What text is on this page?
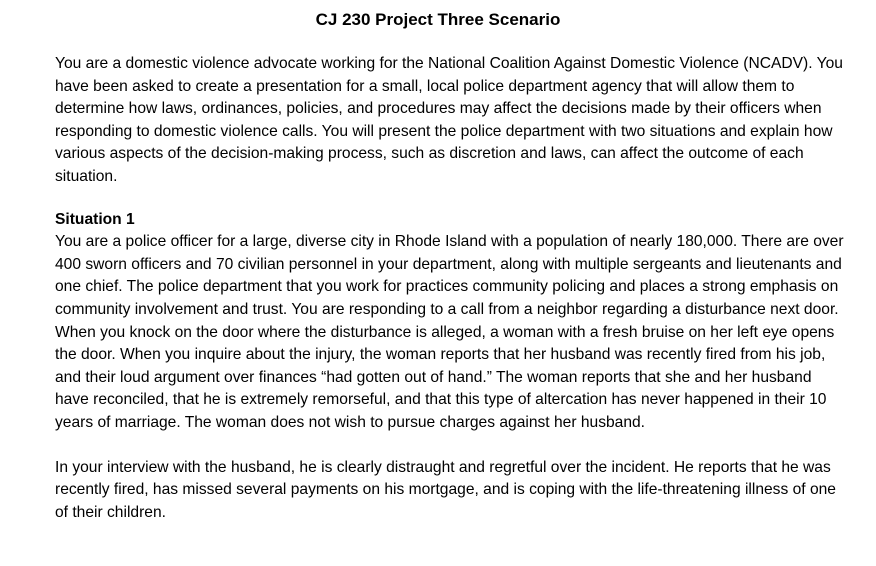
CJ 230 Project Three Scenario

You are a domestic violence advocate working for the National Coalition Against Domestic Violence (NCADV). You have been asked to create a presentation for a small, local police department agency that will allow them to determine how laws, ordinances, policies, and procedures may affect the decisions made by their officers when responding to domestic violence calls. You will present the police department with two situations and explain how various aspects of the decision-making process, such as discretion and laws, can affect the outcome of each situation.

Situation 1

You are a police officer for a large, diverse city in Rhode Island with a population of nearly 180,000. There are over 400 sworn officers and 70 civilian personnel in your department, along with multiple sergeants and lieutenants and one chief. The police department that you work for practices community policing and places a strong emphasis on community involvement and trust. You are responding to a call from a neighbor regarding a disturbance next door. When you knock on the door where the disturbance is alleged, a woman with a fresh bruise on her left eye opens the door. When you inquire about the injury, the woman reports that her husband was recently fired from his job, and their loud argument over finances “had gotten out of hand.” The woman reports that she and her husband have reconciled, that he is extremely remorseful, and that this type of altercation has never happened in their 10 years of marriage. The woman does not wish to pursue charges against her husband.

In your interview with the husband, he is clearly distraught and regretful over the incident. He reports that he was recently fired, has missed several payments on his mortgage, and is coping with the life-threatening illness of one of their children.
